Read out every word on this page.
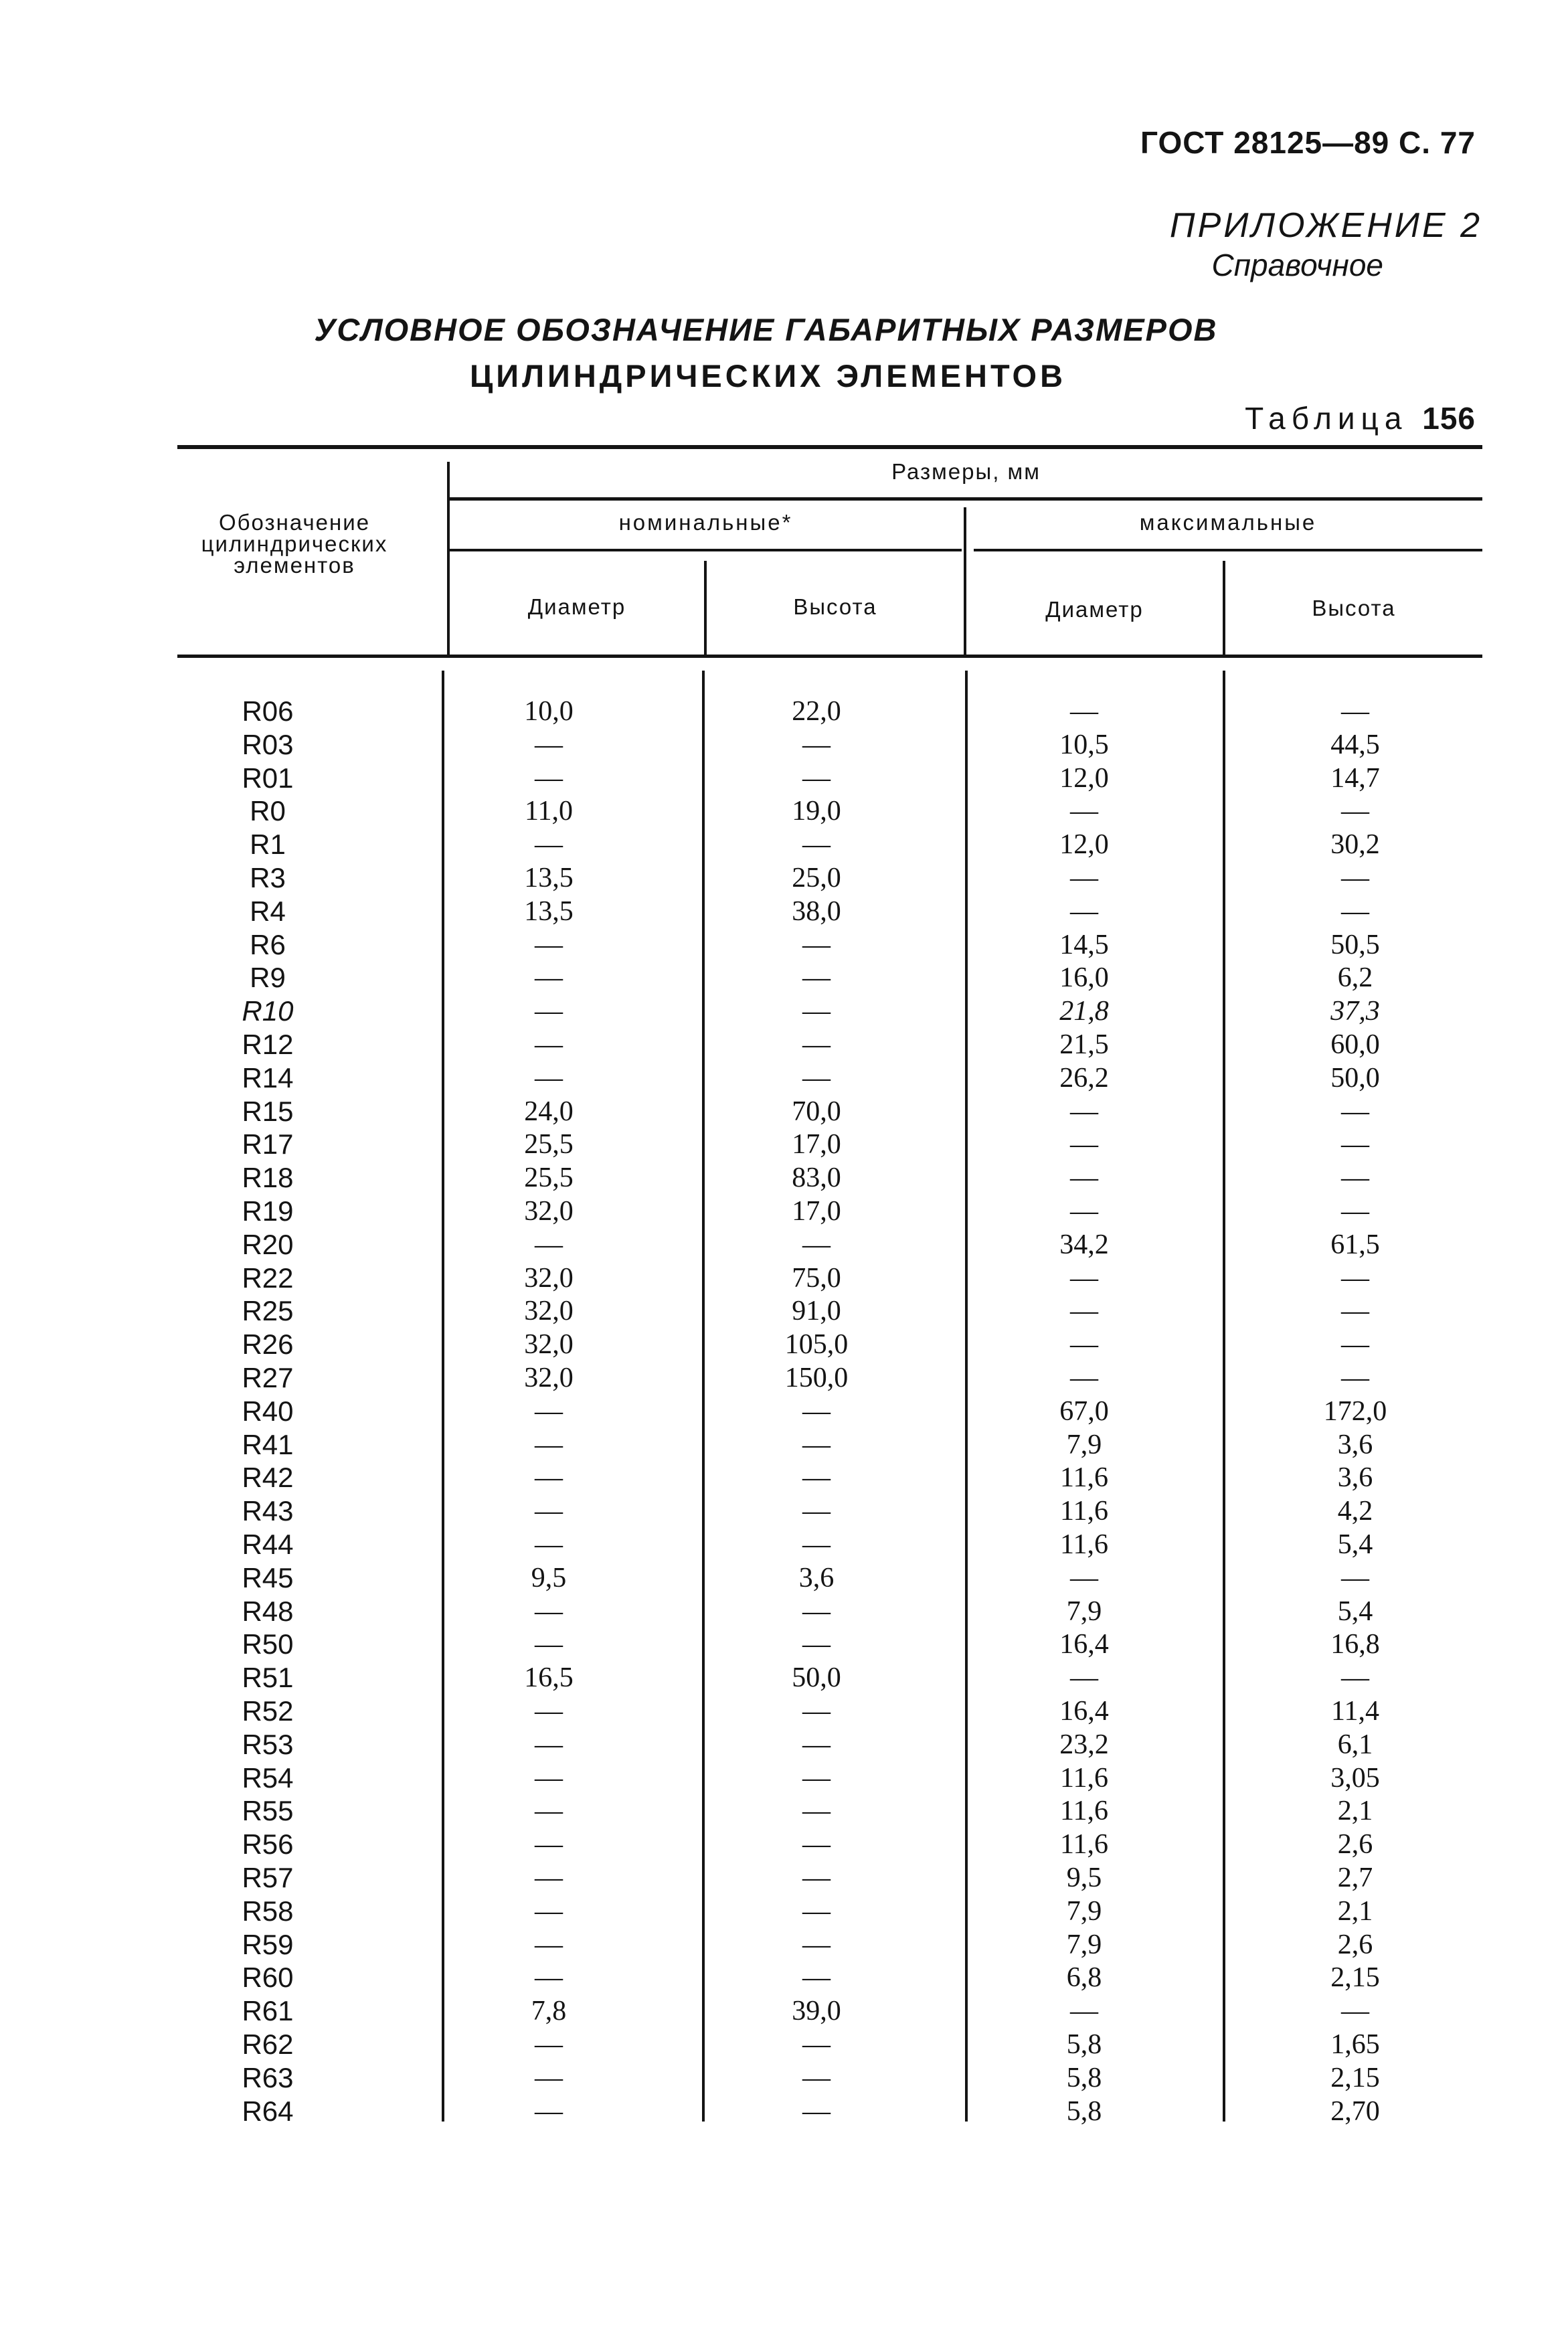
ГОСТ 28125—89 С. 77
ПРИЛОЖЕНИЕ 2
Справочное
УСЛОВНОЕ ОБОЗНАЧЕНИЕ ГАБАРИТНЫХ РАЗМЕРОВ
ЦИЛИНДРИЧЕСКИХ ЭЛЕМЕНТОВ
Таблица 156
Обозначение цилиндрических элементов
Размеры, мм
номинальные*	максимальные
Диаметр	Высота	Диаметр	Высота
R06	10,0	22,0	—	—
R03	—	—	10,5	44,5
R01	—	—	12,0	14,7
R0	11,0	19,0	—	—
R1	—	—	12,0	30,2
R3	13,5	25,0	—	—
R4	13,5	38,0	—	—
R6	—	—	14,5	50,5
R9	—	—	16,0	6,2
R10	—	—	21,8	37,3
R12	—	—	21,5	60,0
R14	—	—	26,2	50,0
R15	24,0	70,0	—	—
R17	25,5	17,0	—	—
R18	25,5	83,0	—	—
R19	32,0	17,0	—	—
R20	—	—	34,2	61,5
R22	32,0	75,0	—	—
R25	32,0	91,0	—	—
R26	32,0	105,0	—	—
R27	32,0	150,0	—	—
R40	—	—	67,0	172,0
R41	—	—	7,9	3,6
R42	—	—	11,6	3,6
R43	—	—	11,6	4,2
R44	—	—	11,6	5,4
R45	9,5	3,6	—	—
R48	—	—	7,9	5,4
R50	—	—	16,4	16,8
R51	16,5	50,0	—	—
R52	—	—	16,4	11,4
R53	—	—	23,2	6,1
R54	—	—	11,6	3,05
R55	—	—	11,6	2,1
R56	—	—	11,6	2,6
R57	—	—	9,5	2,7
R58	—	—	7,9	2,1
R59	—	—	7,9	2,6
R60	—	—	6,8	2,15
R61	7,8	39,0	—	—
R62	—	—	5,8	1,65
R63	—	—	5,8	2,15
R64	—	—	5,8	2,70
